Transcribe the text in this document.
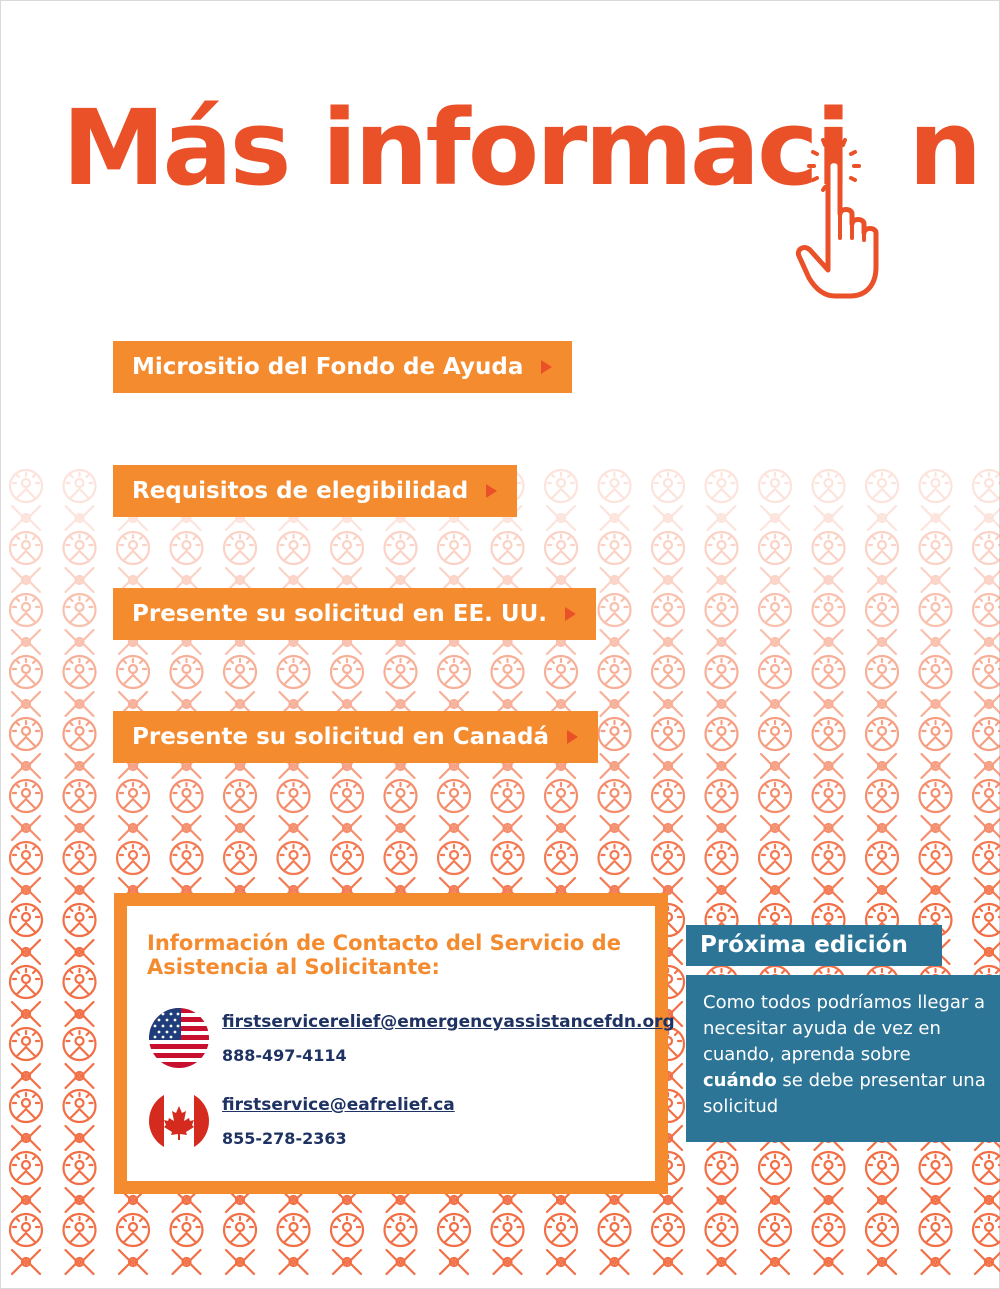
Más informaci n
Micrositio del Fondo de Ayuda
Requisitos de elegibilidad
Presente su solicitud en EE. UU.
Presente su solicitud en Canadá
Información de Contacto del Servicio de Asistencia al Solicitante:
firstservicerelief@emergencyassistancefdn.org
888-497-4114
firstservice@eafrelief.ca
855-278-2363
Próxima edición
Como todos podríamos llegar a necesitar ayuda de vez en cuando, aprenda sobre cuándo se debe presentar una solicitud
